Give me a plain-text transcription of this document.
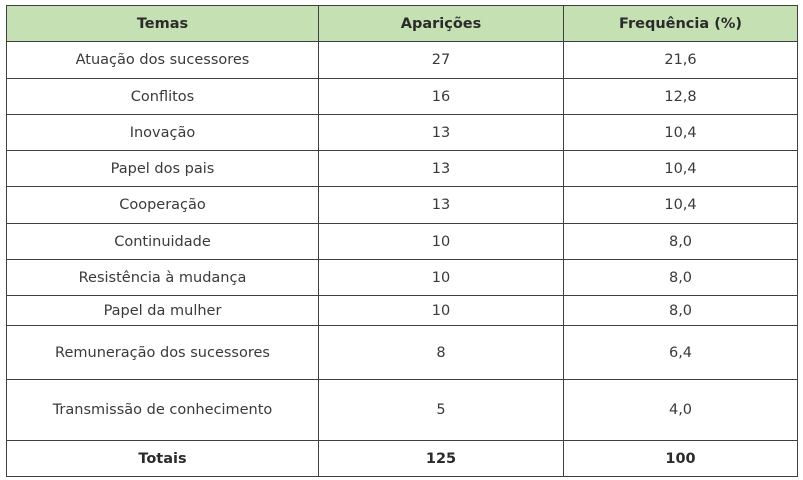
Temas	Aparições	Frequência (%)
Atuação dos sucessores	27	21,6
Conflitos	16	12,8
Inovação	13	10,4
Papel dos pais	13	10,4
Cooperação	13	10,4
Continuidade	10	8,0
Resistência à mudança	10	8,0
Papel da mulher	10	8,0
Remuneração dos sucessores	8	6,4
Transmissão de conhecimento	5	4,0
Totais	125	100
